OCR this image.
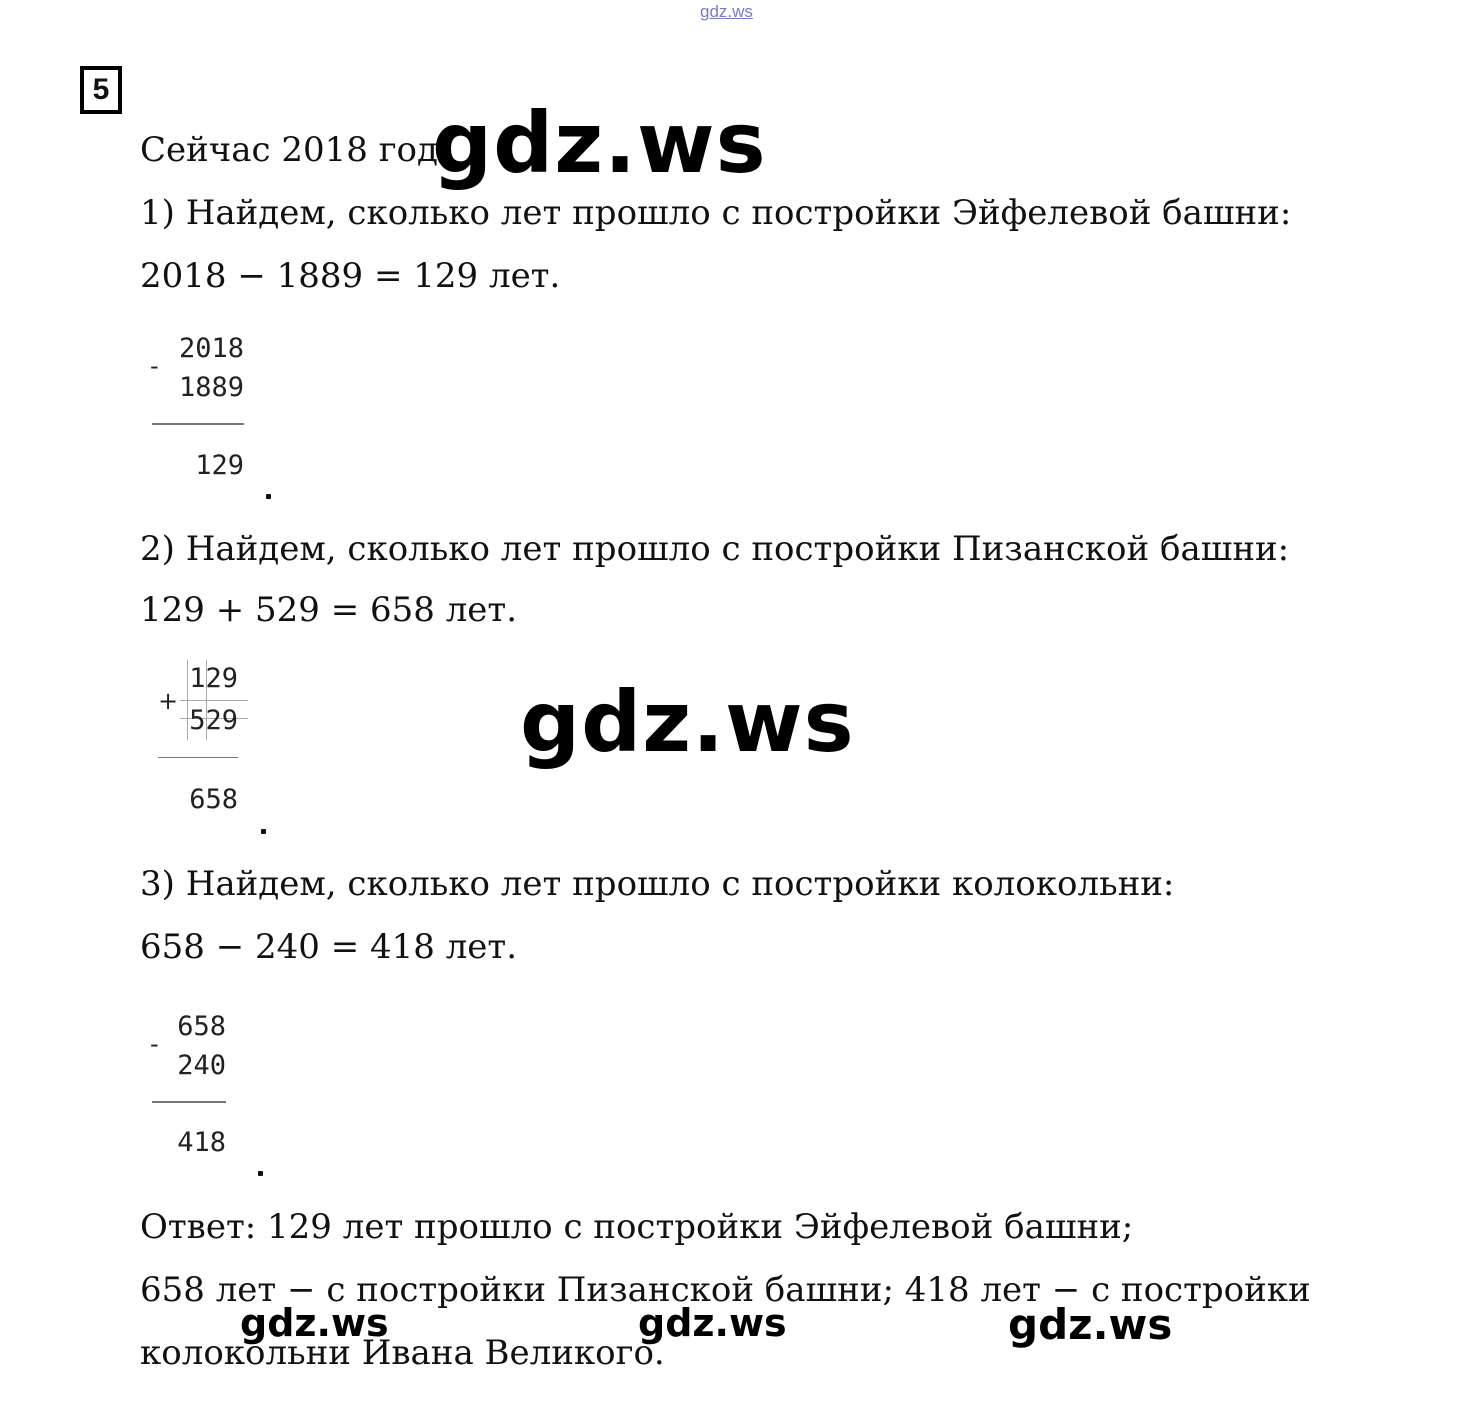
gdz.ws
5
Сейчас 2018 год.
gdz.ws
1) Найдем, сколько лет прошло с постройки Эйфелевой башни:
2018 − 1889 = 129 лет.
-
2018
1889
129
2) Найдем, сколько лет прошло с постройки Пизанской башни:
129 + 529 = 658 лет.
+
129
529
658
gdz.ws
3) Найдем, сколько лет прошло с постройки колокольни:
658 − 240 = 418 лет.
-
658
240
418
Ответ: 129 лет прошло с постройки Эйфелевой башни;
658 лет − с постройки Пизанской башни; 418 лет − с постройки
колокольни Ивана Великого.
gdz.ws	gdz.ws	gdz.ws
